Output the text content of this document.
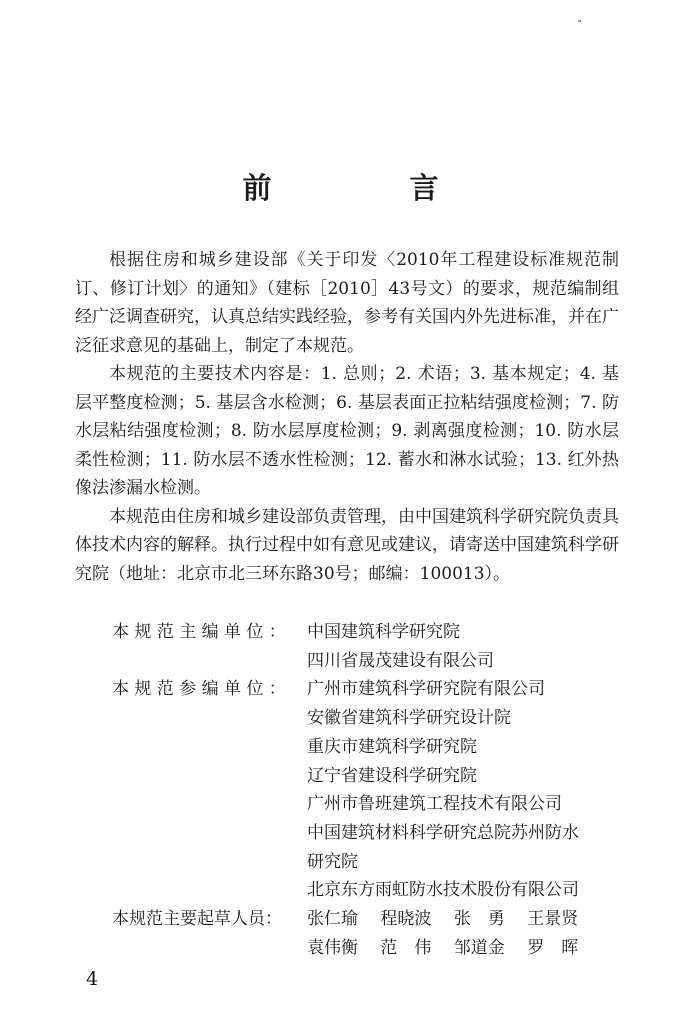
前 言

根据住房和城乡建设部《关于印发〈2010年工程建设标准规范制订、修订计划〉的通知》（建标［2010］43号文）的要求，规范编制组经广泛调查研究，认真总结实践经验，参考有关国内外先进标准，并在广泛征求意见的基础上，制定了本规范。

本规范的主要技术内容是：1. 总则；2. 术语；3. 基本规定；4. 基层平整度检测；5. 基层含水检测；6. 基层表面正拉粘结强度检测；7. 防水层粘结强度检测；8. 防水层厚度检测；9. 剥离强度检测；10. 防水层柔性检测；11. 防水层不透水性检测；12. 蓄水和淋水试验；13. 红外热像法渗漏水检测。

本规范由住房和城乡建设部负责管理，由中国建筑科学研究院负责具体技术内容的解释。执行过程中如有意见或建议，请寄送中国建筑科学研究院（地址：北京市北三环东路30号；邮编：100013）。

本规范主编单位： 中国建筑科学研究院
四川省晟茂建设有限公司
本规范参编单位： 广州市建筑科学研究院有限公司
安徽省建筑科学研究设计院
重庆市建筑科学研究院
辽宁省建设科学研究院
广州市鲁班建筑工程技术有限公司
中国建筑材料科学研究总院苏州防水
研究院
北京东方雨虹防水技术股份有限公司
本规范主要起草人员：	张仁瑜 程晓波 张　勇 王景贤
袁伟衡 范　伟 邹道金 罗　晖
4
